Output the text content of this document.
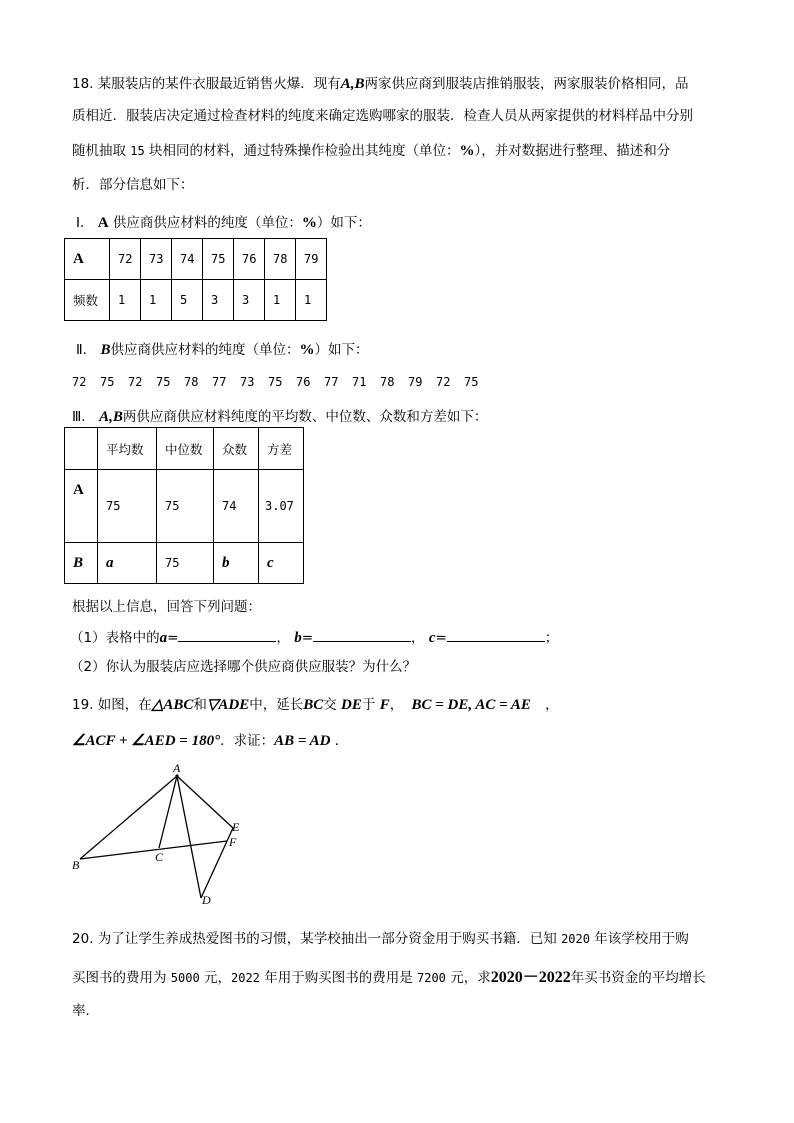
18. 某服装店的某件衣服最近销售火爆．现有A,B两家供应商到服装店推销服装，两家服装价格相同，品
质相近．服装店决定通过检查材料的纯度来确定选购哪家的服装．检查人员从两家提供的材料样品中分别
随机抽取 15 块相同的材料，通过特殊操作检验出其纯度（单位：%），并对数据进行整理、描述和分
析．部分信息如下：
Ⅰ． A 供应商供应材料的纯度（单位：%）如下：
A	72	73	74	75	76	78	79
频数	1	1	5	3	3	1	1
Ⅱ． B供应商供应材料的纯度（单位：%）如下：
72 75 72 75 78 77 73 75 76 77 71 78 79 72 75
Ⅲ． A,B两供应商供应材料纯度的平均数、中位数、众数和方差如下：
	平均数	中位数	众数	方差
A	75	75	74	3.07
B	a	75	b	c
根据以上信息，回答下列问题：
（1）表格中的a=	， b=	， c=	；
（2）你认为服装店应选择哪个供应商供应服装？为什么？
19. 如图，在△ABC和▽ADE中，延长BC交 DE于 F， BC = DE, AC = AE ，
∠ACF + ∠AED = 180°．求证：AB = AD ．
A
B
C
D
E
F
20. 为了让学生养成热爱图书的习惯，某学校抽出一部分资金用于购买书籍．已知 2020 年该学校用于购
买图书的费用为 5000 元，2022 年用于购买图书的费用是 7200 元，求2020－2022年买书资金的平均增长
率．
